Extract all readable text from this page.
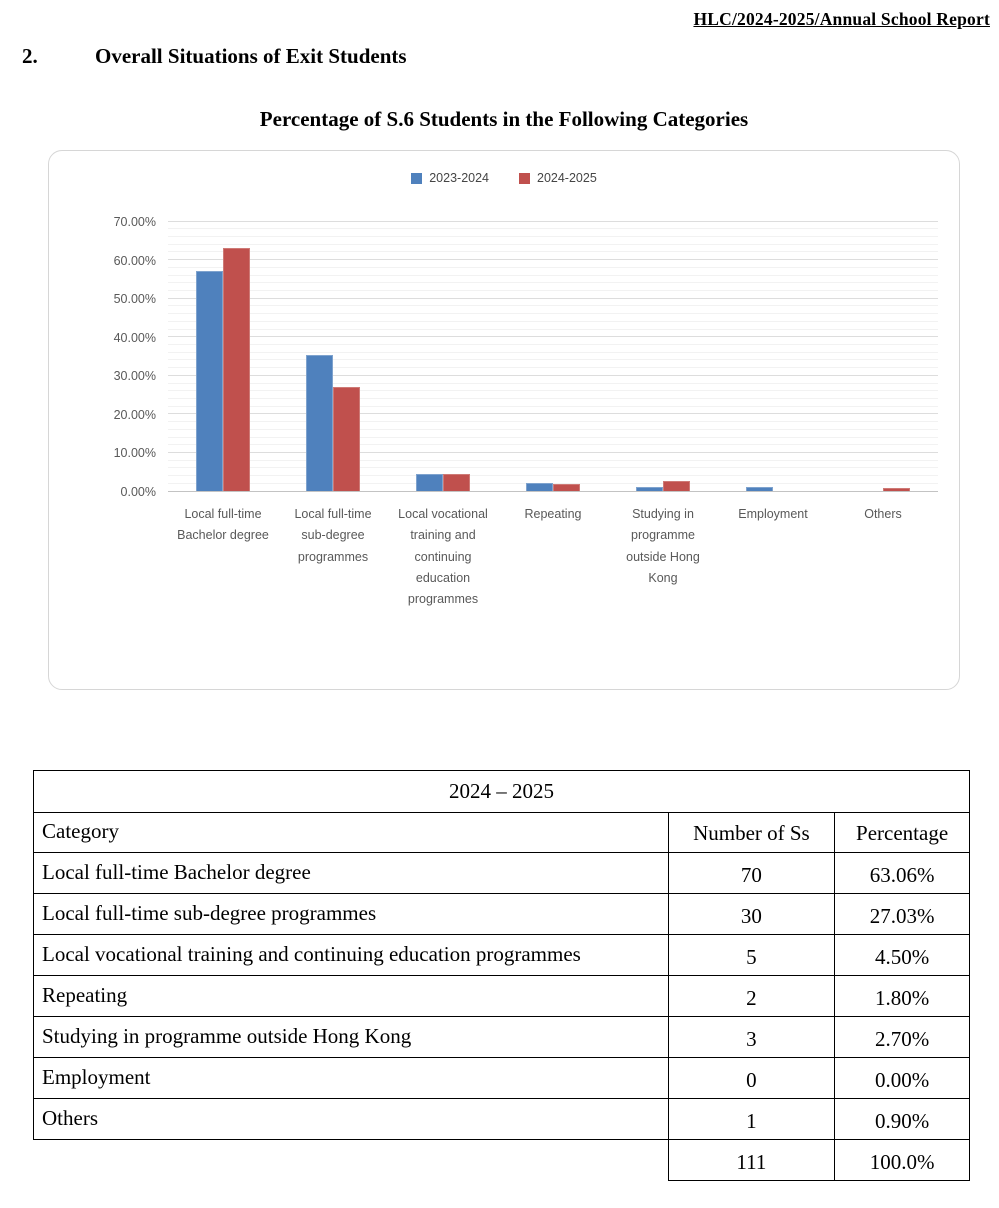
HLC/2024-2025/Annual School Report
2.	Overall Situations of Exit Students
Percentage of S.6 Students in the Following Categories
2023-2024	2024-2025
0.00%
10.00%
20.00%
30.00%
40.00%
50.00%
60.00%
70.00%
Local full-time Bachelor degree
Local full-time sub-degree programmes
Local vocational training and continuing education programmes
Repeating	Studying in programme outside Hong Kong
Employment	Others
2024 – 2025		
Category	Number of Ss	Percentage
Local full-time Bachelor degree	70	63.06%
Local full-time sub-degree programmes	30	27.03%
Local vocational training and continuing education programmes	5	4.50%
Repeating	2	1.80%
Studying in programme outside Hong Kong	3	2.70%
Employment	0	0.00%
Others	1	0.90%
	111	100.0%
